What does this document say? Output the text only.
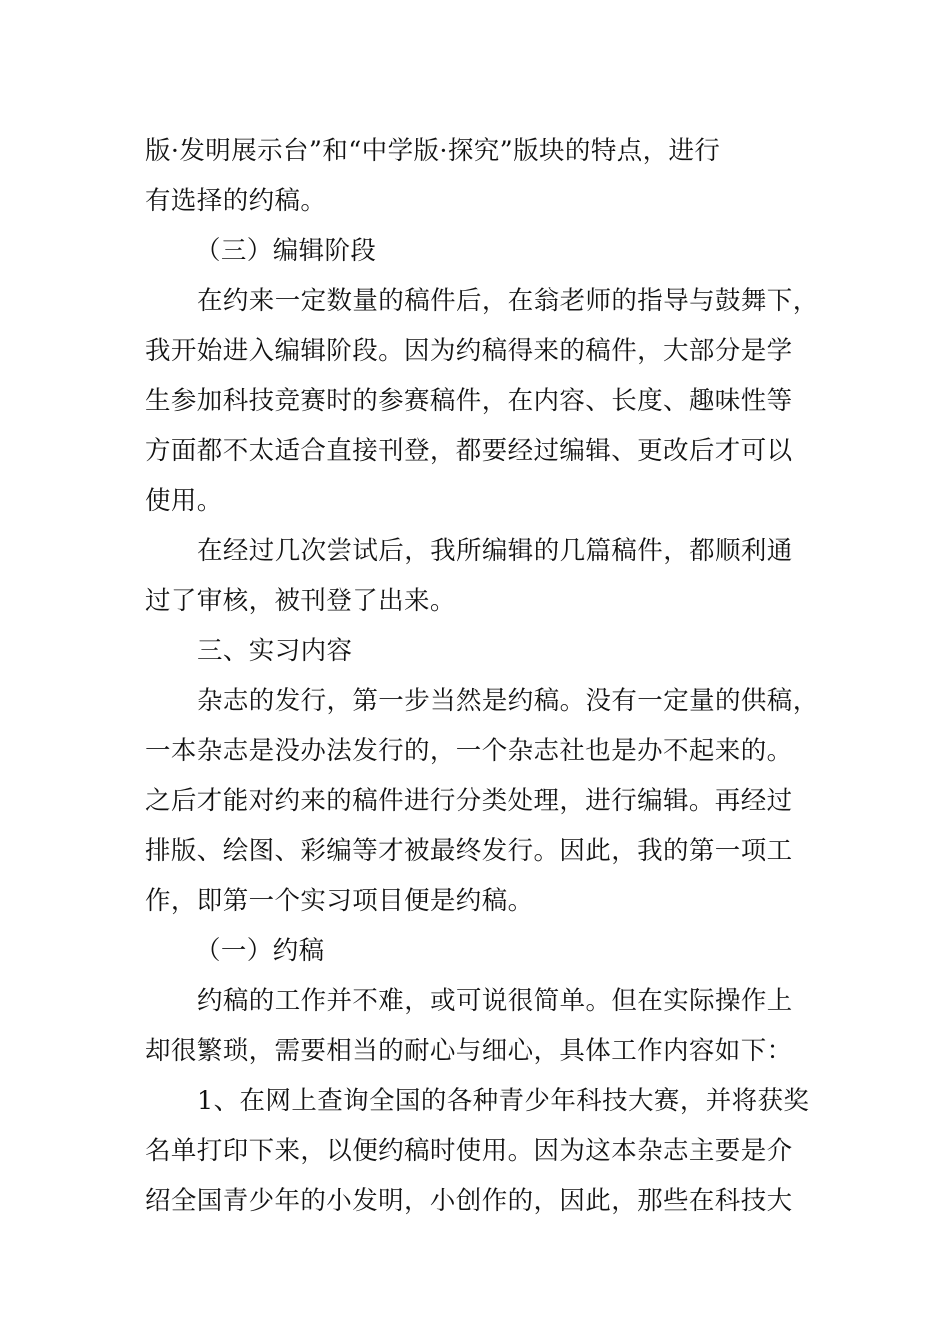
版·发明展示台”和“中学版·探究”版块的特点，进行
有选择的约稿。
（三）编辑阶段
在约来一定数量的稿件后，在翁老师的指导与鼓舞下，
我开始进入编辑阶段。因为约稿得来的稿件，大部分是学
生参加科技竞赛时的参赛稿件，在内容、长度、趣味性等
方面都不太适合直接刊登，都要经过编辑、更改后才可以
使用。
在经过几次尝试后，我所编辑的几篇稿件，都顺利通
过了审核，被刊登了出来。
三、实习内容
杂志的发行，第一步当然是约稿。没有一定量的供稿，
一本杂志是没办法发行的，一个杂志社也是办不起来的。
之后才能对约来的稿件进行分类处理，进行编辑。再经过
排版、绘图、彩编等才被最终发行。因此，我的第一项工
作，即第一个实习项目便是约稿。
（一）约稿
约稿的工作并不难，或可说很简单。但在实际操作上
却很繁琐，需要相当的耐心与细心，具体工作内容如下：
1、在网上查询全国的各种青少年科技大赛，并将获奖
名单打印下来，以便约稿时使用。因为这本杂志主要是介
绍全国青少年的小发明，小创作的，因此，那些在科技大
